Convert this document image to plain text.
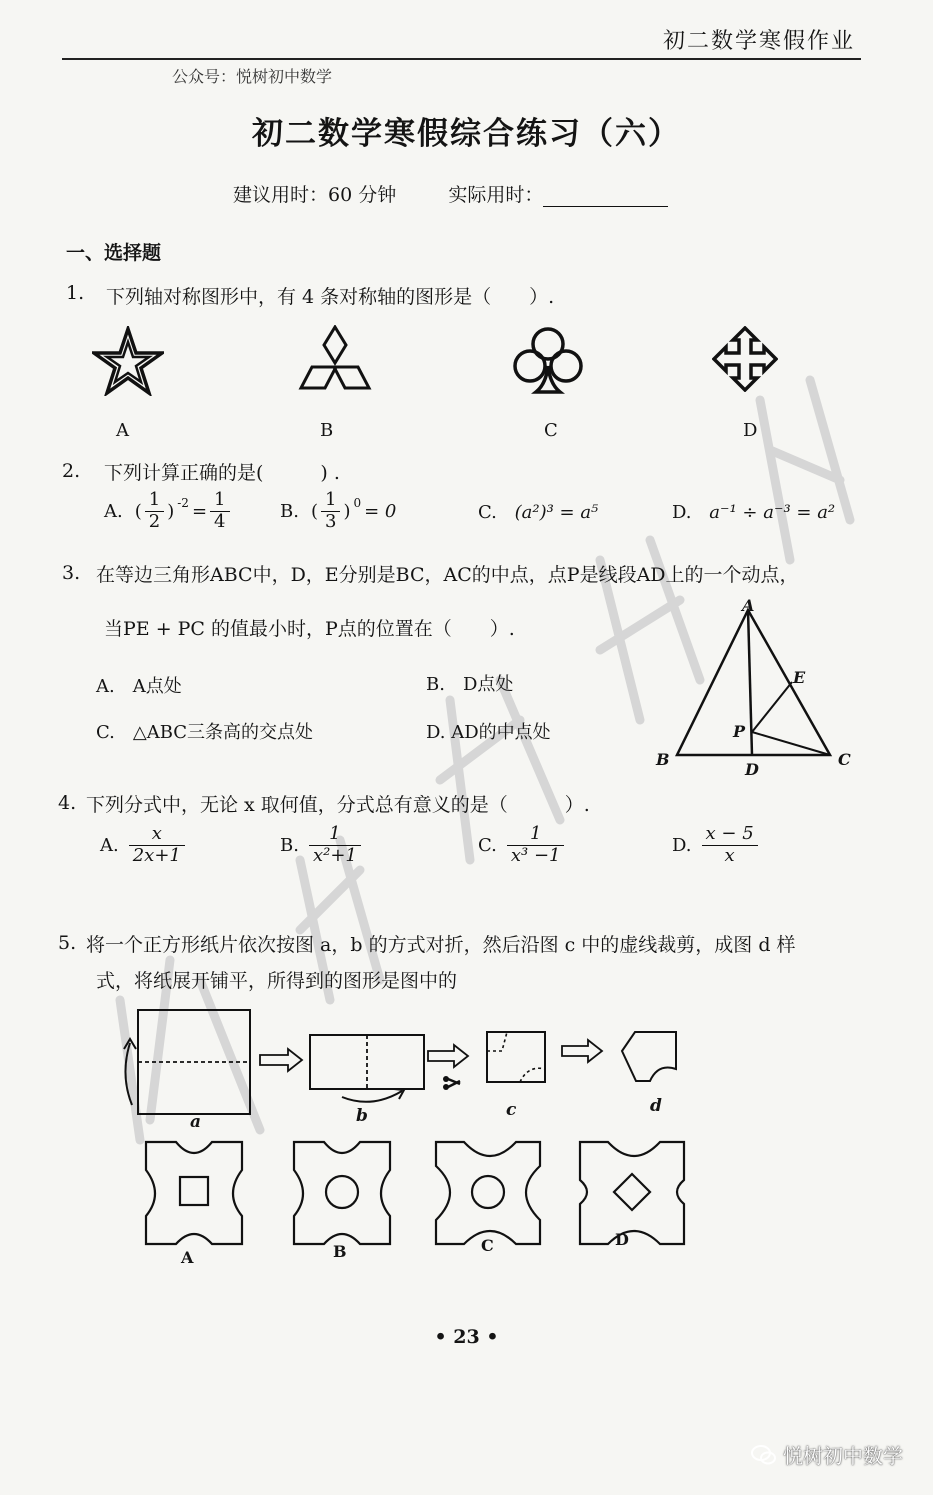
初二数学寒假作业
公众号：悦树初中数学
初二数学寒假综合练习（六）
建议用时：60 分钟	实际用时：
一、选择题
1. 下列轴对称图形中，有 4 条对称轴的图形是（　　）.
A	B	C	D
2. 下列计算正确的是(　　　) .
A. ( $\frac{1}{2}$ ) $^{-2} = \frac{1}{4}$	B. ( $\frac{1}{3}$ ) $^0$ = 0	C. (a²)³ = a⁵	D. a⁻¹ ÷ a⁻³ = a²
3. 在等边三角形ABC中，D，E分别是BC，AC的中点，点P是线段AD上的一个动点，
当PE + PC 的值最小时，P点的位置在（　　）.
A.　A点处	B.　D点处
C.　△ABC三条高的交点处	D. AD的中点处
A
B	C
D
E
P
4. 下列分式中，无论 x 取何值，分式总有意义的是（　　　）.
A. $\frac{x}{2x+1}$	B. $\frac{1}{\text{x²+1}}$	C. $\frac{1}{\text{x³ −1}}$	D. $\frac{x - 5}{x}$
5. 将一个正方形纸片依次按图 a，b 的方式对折，然后沿图 c 中的虚线裁剪，成图 d 样
式，将纸展开铺平，所得到的图形是图中的
a	b	c	d
A	B	C	D
• 23 •
悦树初中数学
